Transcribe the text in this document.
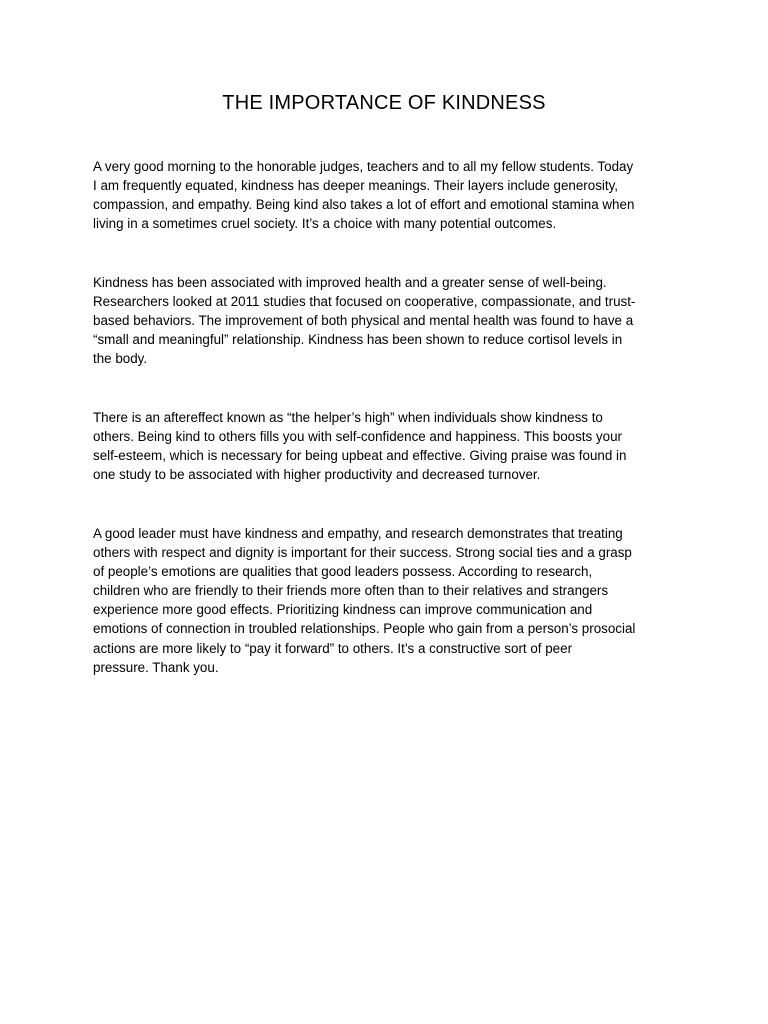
THE IMPORTANCE OF KINDNESS

A very good morning to the honorable judges, teachers and to all my fellow students. Today
I am frequently equated, kindness has deeper meanings. Their layers include generosity,
compassion, and empathy. Being kind also takes a lot of effort and emotional stamina when
living in a sometimes cruel society. It’s a choice with many potential outcomes.

Kindness has been associated with improved health and a greater sense of well-being.
Researchers looked at 2011 studies that focused on cooperative, compassionate, and trust-
based behaviors. The improvement of both physical and mental health was found to have a
“small and meaningful” relationship. Kindness has been shown to reduce cortisol levels in
the body.

There is an aftereffect known as “the helper’s high” when individuals show kindness to
others. Being kind to others fills you with self-confidence and happiness. This boosts your
self-esteem, which is necessary for being upbeat and effective. Giving praise was found in
one study to be associated with higher productivity and decreased turnover.

A good leader must have kindness and empathy, and research demonstrates that treating
others with respect and dignity is important for their success. Strong social ties and a grasp
of people’s emotions are qualities that good leaders possess. According to research,
children who are friendly to their friends more often than to their relatives and strangers
experience more good effects. Prioritizing kindness can improve communication and
emotions of connection in troubled relationships. People who gain from a person’s prosocial
actions are more likely to “pay it forward” to others. It’s a constructive sort of peer
pressure. Thank you.
